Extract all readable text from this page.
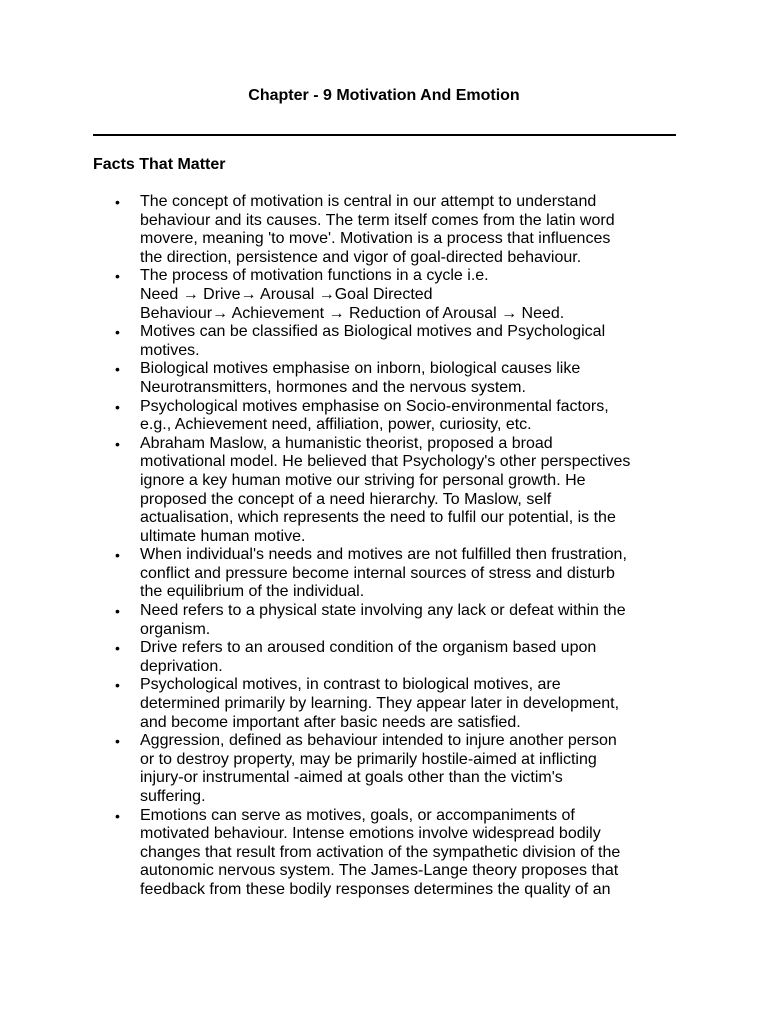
Chapter - 9 Motivation And Emotion
Facts That Matter
• The concept of motivation is central in our attempt to understand
behaviour and its causes. The term itself comes from the latin word
movere, meaning 'to move'. Motivation is a process that influences
the direction, persistence and vigor of goal-directed behaviour.
• The process of motivation functions in a cycle i.e.
Need → Drive→ Arousal →Goal Directed
Behaviour→ Achievement → Reduction of Arousal → Need.
• Motives can be classified as Biological motives and Psychological
motives.
• Biological motives emphasise on inborn, biological causes like
Neurotransmitters, hormones and the nervous system.
• Psychological motives emphasise on Socio-environmental factors,
e.g., Achievement need, affiliation, power, curiosity, etc.
• Abraham Maslow, a humanistic theorist, proposed a broad
motivational model. He believed that Psychology's other perspectives
ignore a key human motive our striving for personal growth. He
proposed the concept of a need hierarchy. To Maslow, self
actualisation, which represents the need to fulfil our potential, is the
ultimate human motive.
• When individual's needs and motives are not fulfilled then frustration,
conflict and pressure become internal sources of stress and disturb
the equilibrium of the individual.
• Need refers to a physical state involving any lack or defeat within the
organism.
• Drive refers to an aroused condition of the organism based upon
deprivation.
• Psychological motives, in contrast to biological motives, are
determined primarily by learning. They appear later in development,
and become important after basic needs are satisfied.
• Aggression, defined as behaviour intended to injure another person
or to destroy property, may be primarily hostile-aimed at inflicting
injury-or instrumental -aimed at goals other than the victim's
suffering.
• Emotions can serve as motives, goals, or accompaniments of
motivated behaviour. Intense emotions involve widespread bodily
changes that result from activation of the sympathetic division of the
autonomic nervous system. The James-Lange theory proposes that
feedback from these bodily responses determines the quality of an
